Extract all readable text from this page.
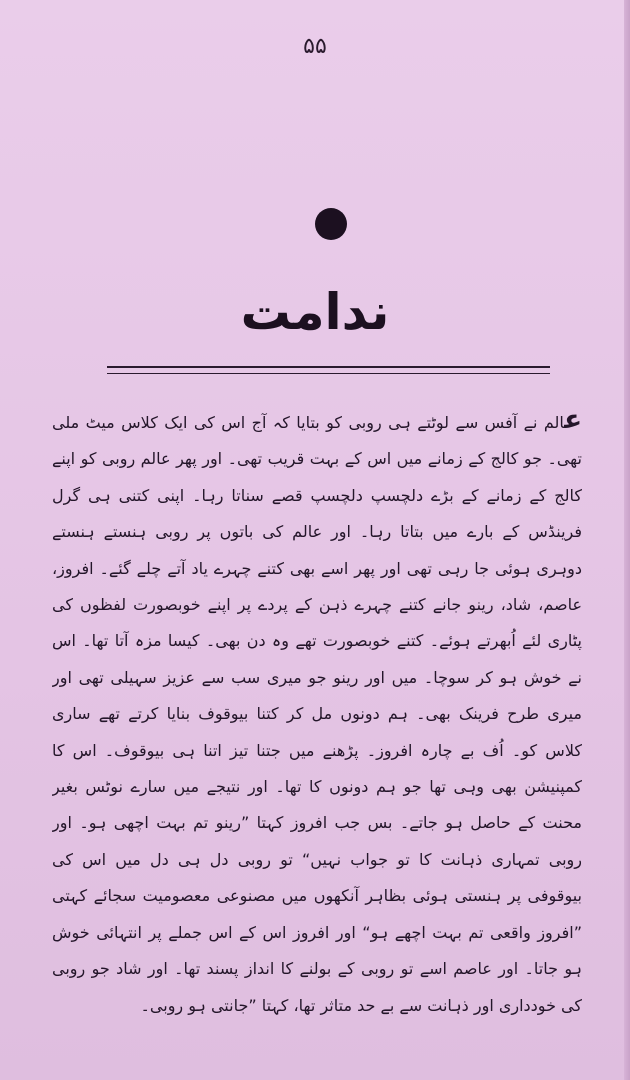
۵۵
ندامت
عالم نے آفس سے لوٹتے ہی روبی کو بتایا کہ آج اس کی ایک کلاس میٹ ملی تھی۔ جو کالج کے زمانے میں اس کے بہت قریب تھی۔ اور پھر عالم روبی کو اپنے کالج کے زمانے کے بڑے دلچسپ دلچسپ قصے سناتا رہا۔ اپنی کتنی ہی گرل فرینڈس کے بارے میں بتاتا رہا۔ اور عالم کی باتوں پر روبی ہنستے ہنستے دوہری ہوئی جا رہی تھی اور پھر اسے بھی کتنے چہرے یاد آتے چلے گئے۔ افروز، عاصم، شاد، رینو جانے کتنے چہرے ذہن کے پردے پر اپنے خوبصورت لفظوں کی پٹاری لئے اُبھرتے ہوئے۔ کتنے خوبصورت تھے وہ دن بھی۔ کیسا مزہ آتا تھا۔ اس نے خوش ہو کر سوچا۔ میں اور رینو جو میری سب سے عزیز سہیلی تھی اور میری طرح فرینک بھی۔ ہم دونوں مل کر کتنا بیوقوف بنایا کرتے تھے ساری کلاس کو۔ اُف بے چارہ افروز۔ پڑھنے میں جتنا تیز اتنا ہی بیوقوف۔ اس کا کمپنیشن بھی وہی تھا جو ہم دونوں کا تھا۔ اور نتیجے میں سارے نوٹس بغیر محنت کے حاصل ہو جاتے۔ بس جب افروز کہتا ”رینو تم بہت اچھی ہو۔ اور روبی تمہاری ذہانت کا تو جواب نہیں“ تو روبی دل ہی دل میں اس کی بیوقوفی پر ہنستی ہوئی بظاہر آنکھوں میں مصنوعی معصومیت سجائے کہتی ”افروز واقعی تم بہت اچھے ہو“ اور افروز اس کے اس جملے پر انتہائی خوش ہو جاتا۔ اور عاصم اسے تو روبی کے بولنے کا انداز پسند تھا۔ اور شاد جو روبی کی خودداری اور ذہانت سے بے حد متاثر تھا، کہتا ”جانتی ہو روبی۔
